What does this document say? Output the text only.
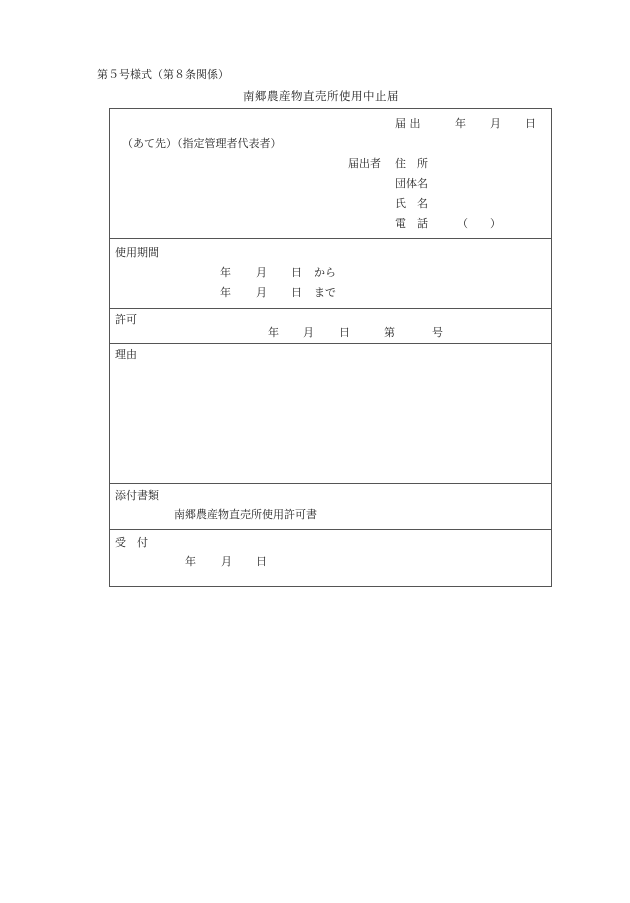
第５号様式（第８条関係）
南郷農産物直売所使用中止届
届 出	年 月 日
（あて先）（指定管理者代表者）
届出者 住　所
団体名
氏　名
電　話	（　　）
使用期間
年 月 日 から
年 月 日 まで
許可
年 月 日	第	号
理由
添付書類
南郷農産物直売所使用許可書
受　付
年 月 日
